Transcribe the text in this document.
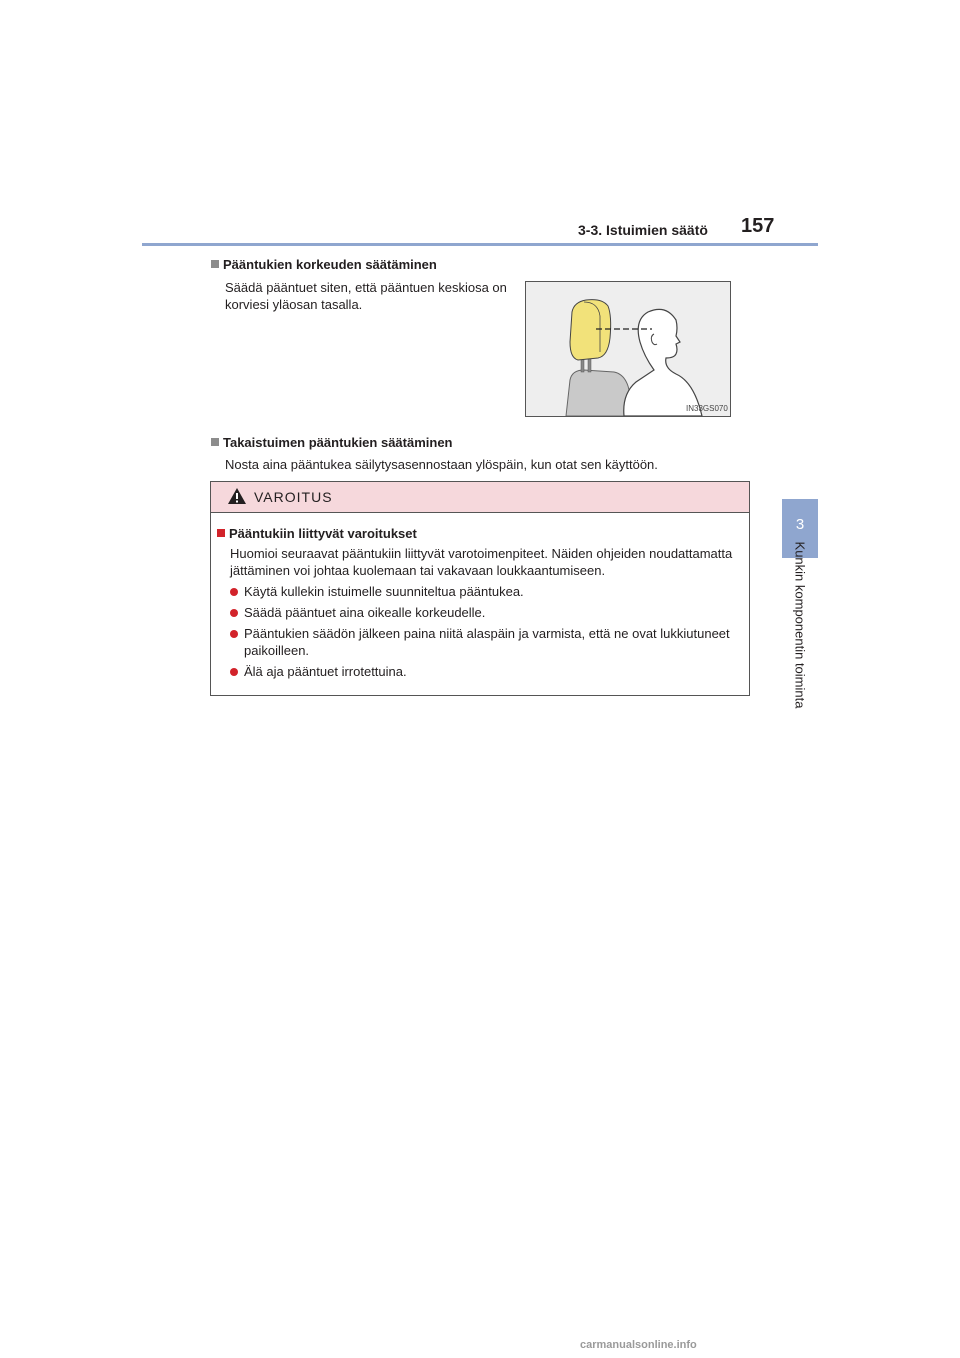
3-3. Istuimien säätö 157
3
Kunkin komponentin toiminta
Pääntukien korkeuden säätäminen
Säädä pääntuet siten, että pääntuen keskiosa on korviesi yläosan tasalla.
IN33GS070
Takaistuimen pääntukien säätäminen
Nosta aina pääntukea säilytysasennostaan ylöspäin, kun otat sen käyttöön.
VAROITUS
Pääntukiin liittyvät varoitukset
Huomioi seuraavat pääntukiin liittyvät varotoimenpiteet. Näiden ohjeiden noudattamatta jättäminen voi johtaa kuolemaan tai vakavaan loukkaantumiseen.
Käytä kullekin istuimelle suunniteltua pääntukea.
Säädä pääntuet aina oikealle korkeudelle.
Pääntukien säädön jälkeen paina niitä alaspäin ja varmista, että ne ovat lukkiutuneet paikoilleen.
Älä aja pääntuet irrotettuina.
carmanualsonline.info
